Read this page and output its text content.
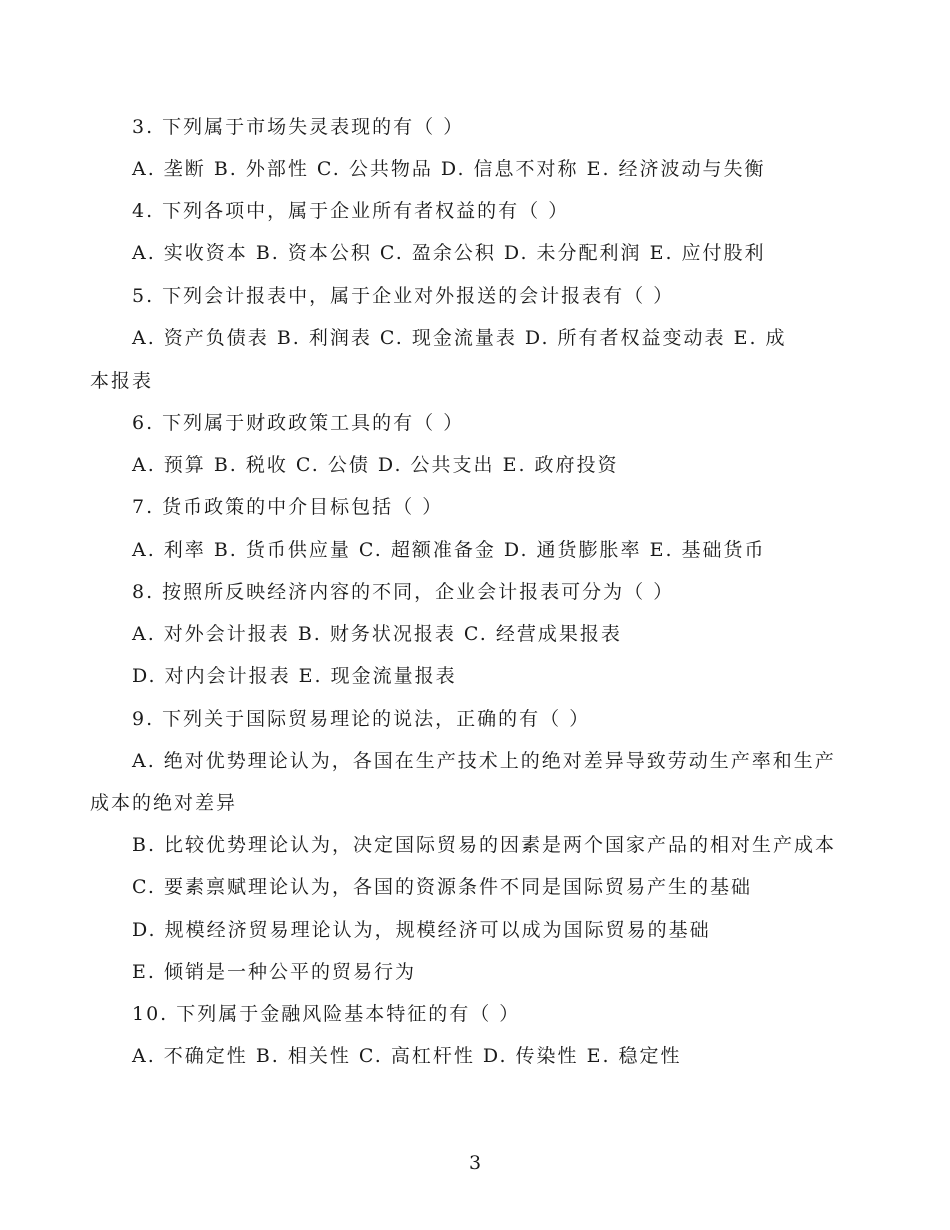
3. 下列属于市场失灵表现的有（ ）
A. 垄断 B. 外部性 C. 公共物品 D. 信息不对称 E. 经济波动与失衡
4. 下列各项中，属于企业所有者权益的有（ ）
A. 实收资本 B. 资本公积 C. 盈余公积 D. 未分配利润 E. 应付股利
5. 下列会计报表中，属于企业对外报送的会计报表有（ ）
A. 资产负债表 B. 利润表 C. 现金流量表 D. 所有者权益变动表 E. 成
本报表
6. 下列属于财政政策工具的有（ ）
A. 预算 B. 税收 C. 公债 D. 公共支出 E. 政府投资
7. 货币政策的中介目标包括（ ）
A. 利率 B. 货币供应量 C. 超额准备金 D. 通货膨胀率 E. 基础货币
8. 按照所反映经济内容的不同，企业会计报表可分为（ ）
A. 对外会计报表 B. 财务状况报表 C. 经营成果报表
D. 对内会计报表 E. 现金流量报表
9. 下列关于国际贸易理论的说法，正确的有（ ）
A. 绝对优势理论认为，各国在生产技术上的绝对差异导致劳动生产率和生产
成本的绝对差异
B. 比较优势理论认为，决定国际贸易的因素是两个国家产品的相对生产成本
C. 要素禀赋理论认为，各国的资源条件不同是国际贸易产生的基础
D. 规模经济贸易理论认为，规模经济可以成为国际贸易的基础
E. 倾销是一种公平的贸易行为
10. 下列属于金融风险基本特征的有（ ）
A. 不确定性 B. 相关性 C. 高杠杆性 D. 传染性 E. 稳定性
3
